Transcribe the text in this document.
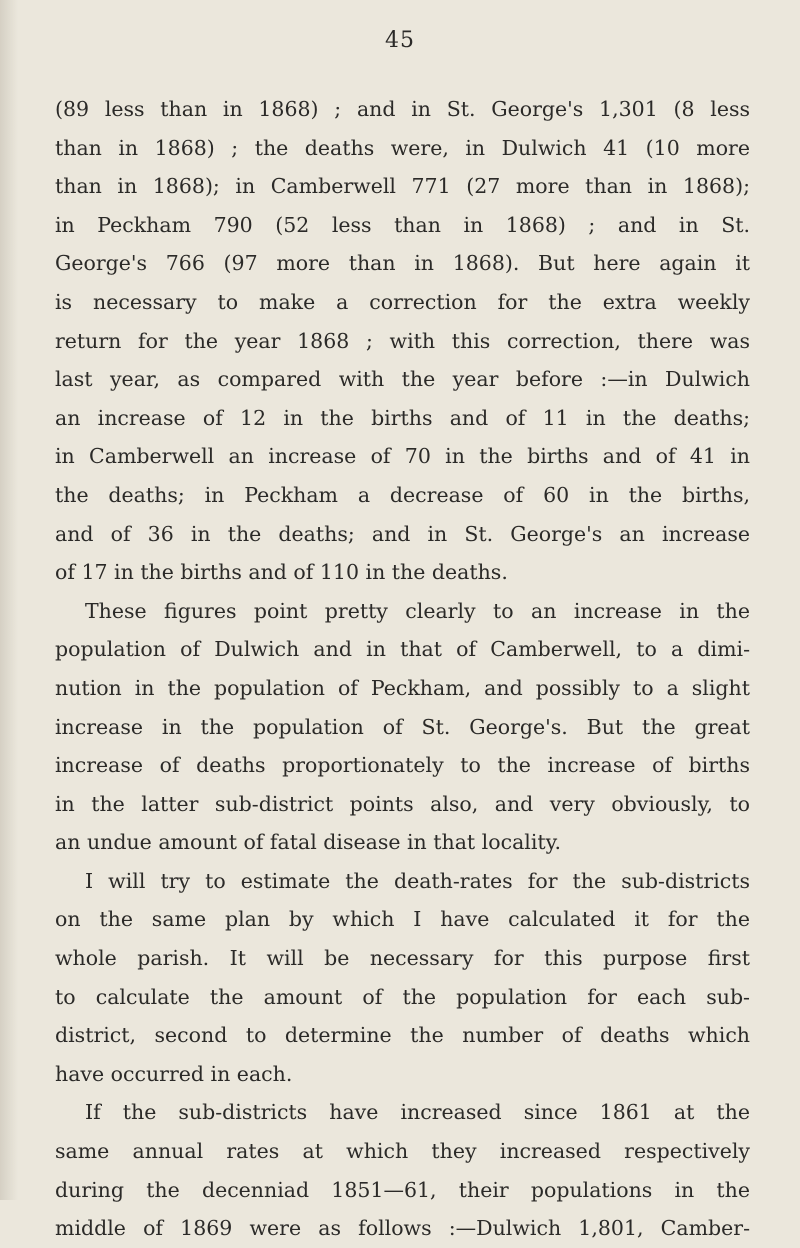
45
(89 less than in 1868) ; and in St. George's 1,301 (8 less
than in 1868) ; the deaths were, in Dulwich 41 (10 more
than in 1868); in Camberwell 771 (27 more than in 1868);
in Peckham 790 (52 less than in 1868) ; and in St.
George's 766 (97 more than in 1868). But here again it
is necessary to make a correction for the extra weekly
return for the year 1868 ; with this correction, there was
last year, as compared with the year before :—in Dulwich
an increase of 12 in the births and of 11 in the deaths;
in Camberwell an increase of 70 in the births and of 41 in
the deaths; in Peckham a decrease of 60 in the births,
and of 36 in the deaths; and in St. George's an increase
of 17 in the births and of 110 in the deaths.
These figures point pretty clearly to an increase in the
population of Dulwich and in that of Camberwell, to a dimi-
nution in the population of Peckham, and possibly to a slight
increase in the population of St. George's. But the great
increase of deaths proportionately to the increase of births
in the latter sub-district points also, and very obviously, to
an undue amount of fatal disease in that locality.
I will try to estimate the death-rates for the sub-districts
on the same plan by which I have calculated it for the
whole parish. It will be necessary for this purpose first
to calculate the amount of the population for each sub-
district, second to determine the number of deaths which
have occurred in each.
If the sub-districts have increased since 1861 at the
same annual rates at which they increased respectively
during the decenniad 1851—61, their populations in the
middle of 1869 were as follows :—Dulwich 1,801, Camber-
